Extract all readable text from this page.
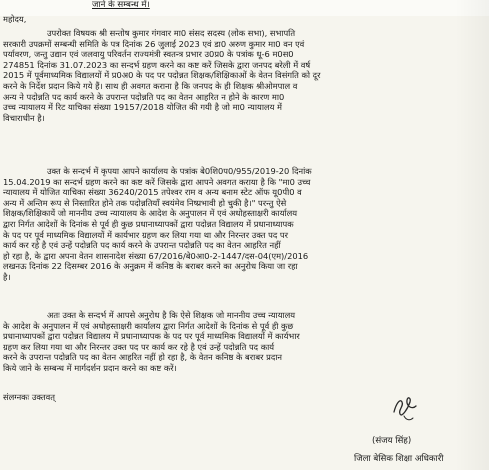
जाने के सम्बन्ध में।
महोदय,
उपरोक्त विषयक श्री सन्तोष कुमार गंगवार मा0 संसद सदस्य (लोक सभा), सभापति
सरकारी उपक्रमों सम्बन्धी समिति के पत्र दिनांक 26 जुलाई 2023 एवं डा0 अरुण कुमार मा0 वन एवं
पर्यावरण, जन्तु उद्यान एवं जलवायु परिवर्तन राज्यमंत्री स्वतन्त्र प्रभार उ0प्र0 के पत्रांक धू-6 म0स0
274851 दिनांक 31.07.2023 का सन्दर्भ ग्रहण करने का कष्ट करें जिसके द्वारा जनपद बरेली में वर्ष
2015 में पूर्वमाध्यमिक विद्यालयों में प्र0अ0 के पद पर पदोन्नत शिक्षक/शिक्षिकाओं के वेतन विसंगति को दूर
करने के निर्देश प्रदान किये गये हैं। साथ ही अवगत कराना है कि जनपद के ही शिक्षक श्रीओमपाल व
अन्य ने पदोन्नति पद कार्य करने के उपरान्त पदोन्नति पद का वेतन आहरित न होने के कारण मा0
उच्च न्यायालय में रिट याचिका संख्या 19157/2018 योजित की गयी है जो मा0 न्यायालय में
विचाराधीन है।
उक्त के सन्दर्भ में कृपया आपने कार्यालय के पत्रांक बे0शि0प0/955/2019-20 दिनांक
15.04.2019 का सन्दर्भ ग्रहण करने का कष्ट करें जिसके द्वारा आपने अवगत कराया है कि "मा0 उच्च
न्यायालय में योजित याचिका संख्या 36240/2015 तपेश्वर राम व अन्य बनाम स्टेट ऑफ यू0पी0 व
अन्य में अन्तिम रूप से निस्तारित होने तक पदोन्नतियाँ स्वयंमेव निष्प्रभावी हो चुकी है।" परन्तु ऐसे
शिक्षक/शिक्षिकायें जो माननीय उच्च न्यायालय के आदेश के अनुपालन में एवं अधोहस्ताक्षरी कार्यालय
द्वारा निर्गत आदेशों के दिनांक से पूर्व ही कुछ प्रधानाध्यापकों द्वारा पदोन्नत विद्यालय में प्रधानाध्यापक
के पद पर पूर्व माध्यमिक विद्यालयों में कार्यभार ग्रहण कर लिया गया था और निरन्तर उक्त पद पर
कार्य कर रहे है एवं उन्हें पदोन्नति पद कार्य करने के उपरान्त पदोन्नति पद का वेतन आहरित नहीं
हो रहा है, के द्वारा अपना वेतन शासनादेश संख्या 67/2016/बे0आ0-2-1447/दस-04(एम)/2016
लखनऊ दिनांक 22 दिसम्बर 2016 के अनुक्रम में कनिष्ठ के बराबर करने का अनुरोध किया जा रहा
है।
अतः उक्त के सन्दर्भ में आपसे अनुरोध है कि ऐसे शिक्षक जो माननीय उच्च न्यायालय
के आदेश के अनुपालन में एवं अधोहस्ताक्षरी कार्यालय द्वारा निर्गत आदेशों के दिनांक से पूर्व ही कुछ
प्रधानाध्यापकों द्वारा पदोन्नत विद्यालय में प्रधानाध्यापक के पद पर पूर्व माध्यमिक विद्यालयों में कार्यभार
ग्रहण कर लिया गया था और निरन्तर उक्त पद पर कार्य कर रहे है एवं उन्हें पदोन्नति पद कार्य
करने के उपरान्त पदोन्नति पद का वेतन आहरित नहीं हो रहा है, के वेतन कनिष्ठ के बराबर प्रदान
किये जाने के सम्बन्ध में मार्गदर्शन प्रदान करने का कष्ट करें।
संलग्नकः उक्तवत्
(संजय सिंह)
जिला बेसिक शिक्षा अधिकारी
